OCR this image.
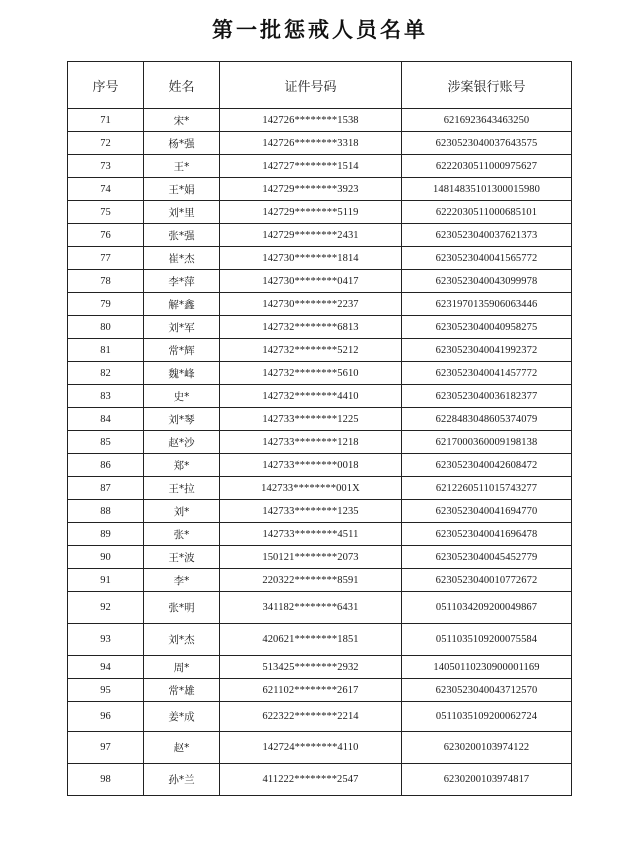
第一批惩戒人员名单
序号	姓名	证件号码	涉案银行账号
71	宋*	142726********1538	6216923643463250
72	杨*强	142726********3318	6230523040037643575
73	王*	142727********1514	6222030511000975627
74	王*娟	142729********3923	14814835101300015980
75	刘*里	142729********5119	6222030511000685101
76	张*强	142729********2431	6230523040037621373
77	崔*杰	142730********1814	6230523040041565772
78	李*萍	142730********0417	6230523040043099978
79	解*鑫	142730********2237	6231970135906063446
80	刘*军	142732********6813	6230523040040958275
81	常*辉	142732********5212	6230523040041992372
82	魏*峰	142732********5610	6230523040041457772
83	史*	142732********4410	6230523040036182377
84	刘*琴	142733********1225	6228483048605374079
85	赵*沙	142733********1218	6217000360009198138
86	郑*	142733********0018	6230523040042608472
87	王*拉	142733********001X	6212260511015743277
88	刘*	142733********1235	6230523040041694770
89	张*	142733********4511	6230523040041696478
90	王*波	150121********2073	6230523040045452779
91	李*	220322********8591	6230523040010772672
92	张*明	341182********6431	0511034209200049867
93	刘*杰	420621********1851	0511035109200075584
94	周*	513425********2932	14050110230900001169
95	常*雄	621102********2617	6230523040043712570
96	姜*成	622322********2214	0511035109200062724
97	赵*	142724********4110	6230200103974122
98	孙*兰	411222********2547	6230200103974817
